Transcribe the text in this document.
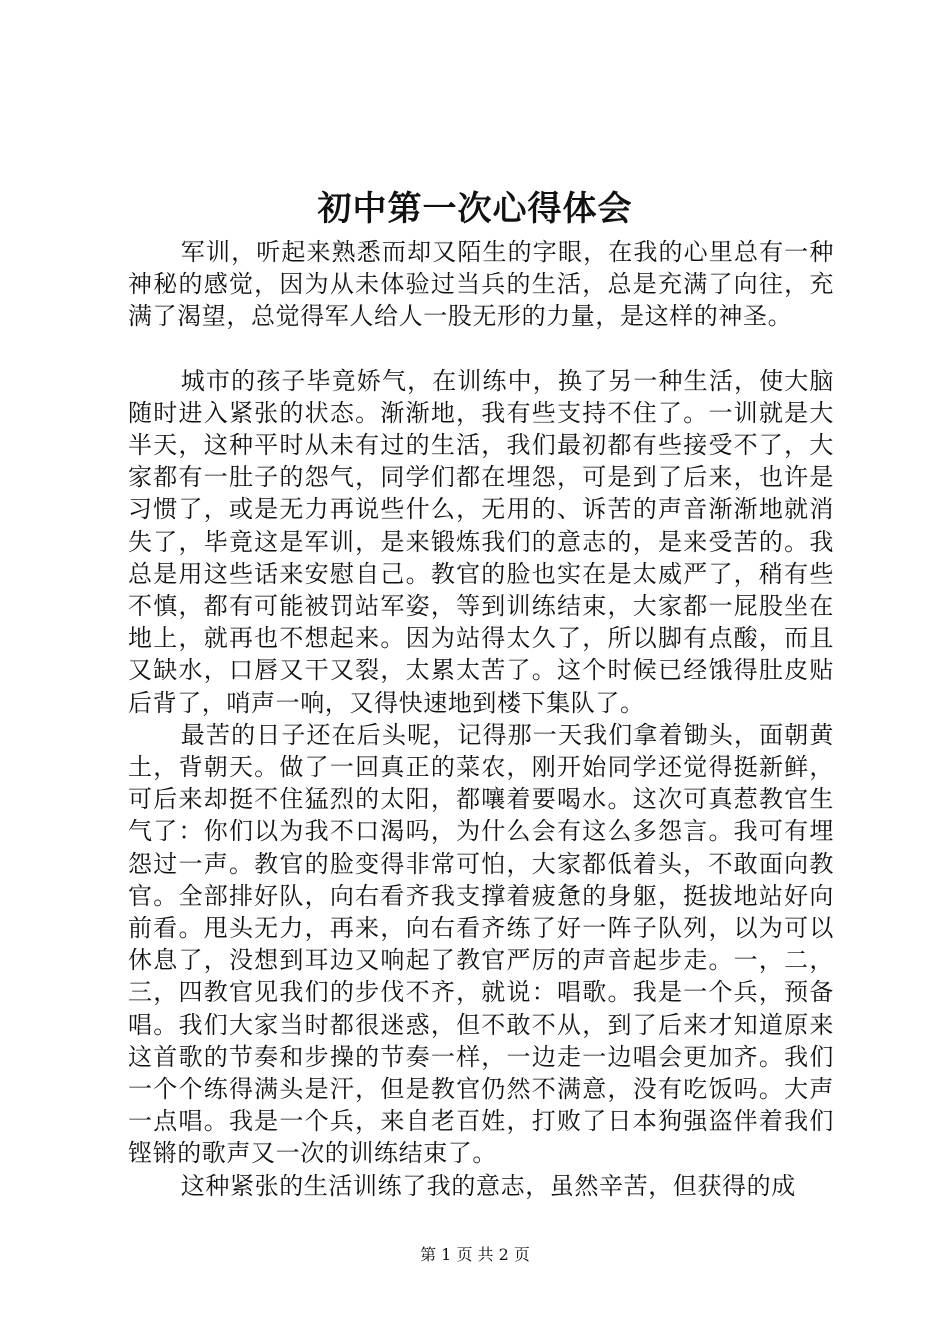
初中第一次心得体会

军训，听起来熟悉而却又陌生的字眼，在我的心里总有一种神秘的感觉，因为从未体验过当兵的生活，总是充满了向往，充满了渴望，总觉得军人给人一股无形的力量，是这样的神圣。

城市的孩子毕竟娇气，在训练中，换了另一种生活，使大脑随时进入紧张的状态。渐渐地，我有些支持不住了。一训就是大半天，这种平时从未有过的生活，我们最初都有些接受不了，大家都有一肚子的怨气，同学们都在埋怨，可是到了后来，也许是习惯了，或是无力再说些什么，无用的、诉苦的声音渐渐地就消失了，毕竟这是军训，是来锻炼我们的意志的，是来受苦的。我总是用这些话来安慰自己。教官的脸也实在是太威严了，稍有些不慎，都有可能被罚站军姿，等到训练结束，大家都一屁股坐在地上，就再也不想起来。因为站得太久了，所以脚有点酸，而且又缺水，口唇又干又裂，太累太苦了。这个时候已经饿得肚皮贴后背了，哨声一响，又得快速地到楼下集队了。

最苦的日子还在后头呢，记得那一天我们拿着锄头，面朝黄土，背朝天。做了一回真正的菜农，刚开始同学还觉得挺新鲜，可后来却挺不住猛烈的太阳，都嚷着要喝水。这次可真惹教官生气了：你们以为我不口渴吗，为什么会有这么多怨言。我可有埋怨过一声。教官的脸变得非常可怕，大家都低着头，不敢面向教官。全部排好队，向右看齐我支撑着疲惫的身躯，挺拔地站好向前看。甩头无力，再来，向右看齐练了好一阵子队列，以为可以休息了，没想到耳边又响起了教官严厉的声音起步走。一，二，三，四教官见我们的步伐不齐，就说：唱歌。我是一个兵，预备唱。我们大家当时都很迷惑，但不敢不从，到了后来才知道原来这首歌的节奏和步操的节奏一样，一边走一边唱会更加齐。我们一个个练得满头是汗，但是教官仍然不满意，没有吃饭吗。大声一点唱。我是一个兵，来自老百姓，打败了日本狗强盗伴着我们铿锵的歌声又一次的训练结束了。

这种紧张的生活训练了我的意志，虽然辛苦，但获得的成

第 1 页 共 2 页
